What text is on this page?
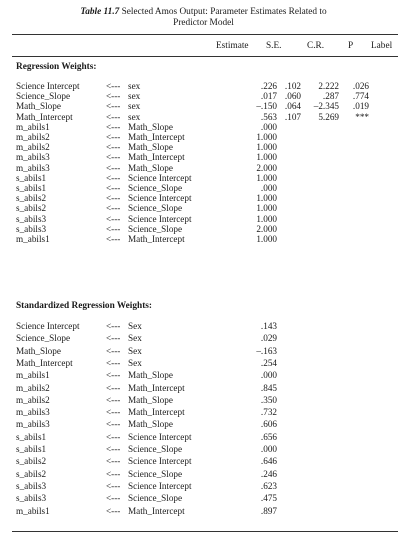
Table 11.7 Selected Amos Output: Parameter Estimates Related to
Predictor Model
Estimate S.E.	C.R.	P Label
Regression Weights:
Science Intercept	<--- sex	.226 .102 2.222 .026
Science_Slope	<--- sex	.017 .060 .287 .774
Math_Slope	<--- sex	–.150 .064 –2.345 .019
Math_Intercept	<--- sex	.563 .107 5.269 ***
m_abils1	<--- Math_Slope	.000
m_abils2	<--- Math_Intercept	1.000
m_abils2	<--- Math_Slope	1.000
m_abils3	<--- Math_Intercept	1.000
m_abils3	<--- Math_Slope	2.000
s_abils1	<--- Science Intercept	1.000
s_abils1	<--- Science_Slope	.000
s_abils2	<--- Science Intercept	1.000
s_abils2	<--- Science_Slope	1.000
s_abils3	<--- Science Intercept	1.000
s_abils3	<--- Science_Slope	2.000
m_abils1	<--- Math_Intercept	1.000
Standardized Regression Weights:
Science Intercept	<--- Sex	.143
Science_Slope	<--- Sex	.029
Math_Slope	<--- Sex	–.163
Math_Intercept	<--- Sex	.254
m_abils1	<--- Math_Slope	.000
m_abils2	<--- Math_Intercept	.845
m_abils2	<--- Math_Slope	.350
m_abils3	<--- Math_Intercept	.732
m_abils3	<--- Math_Slope	.606
s_abils1	<--- Science Intercept	.656
s_abils1	<--- Science_Slope	.000
s_abils2	<--- Science Intercept	.646
s_abils2	<--- Science_Slope	.246
s_abils3	<--- Science Intercept	.623
s_abils3	<--- Science_Slope	.475
m_abils1	<--- Math_Intercept	.897
